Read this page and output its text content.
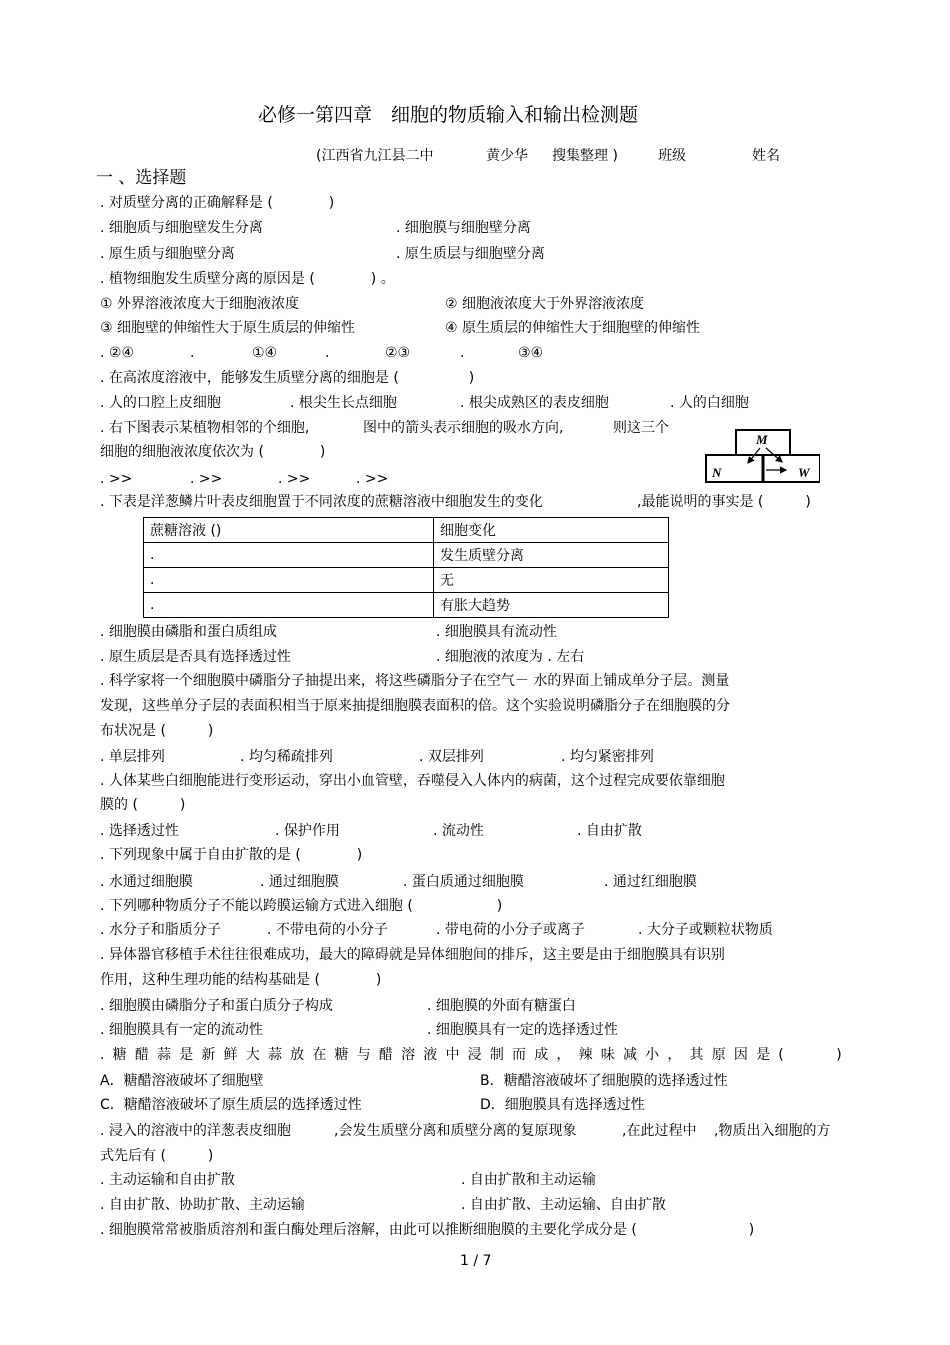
必修一第四章　细胞的物质输入和输出检测题
(江西省九江县二中	黄少华 搜集整理 )	班级	姓名
一 、选择题
. 对质壁分离的正确解释是 (　　　　)
. 细胞质与细胞壁发生分离	. 细胞膜与细胞壁分离
. 原生质与细胞壁分离	. 原生质层与细胞壁分离
. 植物细胞发生质壁分离的原因是 (　　　　) 。
① 外界溶液浓度大于细胞液浓度	② 细胞液浓度大于外界溶液浓度
③ 细胞壁的伸缩性大于原生质层的伸缩性	④ 原生质层的伸缩性大于细胞壁的伸缩性
. ②④	.	①④	.	②③	.	③④
. 在高浓度溶液中，能够发生质壁分离的细胞是 (　　　　　)
. 人的口腔上皮细胞	. 根尖生长点细胞	. 根尖成熟区的表皮细胞	. 人的白细胞
. 右下图表示某植物相邻的个细胞,	图中的箭头表示细胞的吸水方向,	则这三个
细胞的细胞液浓度依次为 (　　　　)
. >>	. >>	. >>	. >>
M
N	W
. 下表是洋葱鳞片叶表皮细胞置于不同浓度的蔗糖溶液中细胞发生的变化	,最能说明的事实是 (　　　)
蔗糖溶液 ()	细胞变化
.	发生质壁分离
.	无
.	有胀大趋势
. 细胞膜由磷脂和蛋白质组成	. 细胞膜具有流动性
. 原生质层是否具有选择透过性	. 细胞液的浓度为 . 左右
. 科学家将一个细胞膜中磷脂分子抽提出来，将这些磷脂分子在空气－ 水的界面上铺成单分子层。测量
发现，这些单分子层的表面积相当于原来抽提细胞膜表面积的倍。这个实验说明磷脂分子在细胞膜的分
布状况是 (　　　)
. 单层排列	. 均匀稀疏排列	. 双层排列	. 均匀紧密排列
. 人体某些白细胞能进行变形运动，穿出小血管壁，吞噬侵入人体内的病菌，这个过程完成要依靠细胞
膜的 (　　　)
. 选择透过性	. 保护作用	. 流动性	. 自由扩散
. 下列现象中属于自由扩散的是 (　　　　)
. 水通过细胞膜	. 通过细胞膜	. 蛋白质通过细胞膜	. 通过红细胞膜
. 下列哪种物质分子不能以跨膜运输方式进入细胞 (　　　　　　)
. 水分子和脂质分子	. 不带电荷的小分子	. 带电荷的小分子或离子	. 大分子或颗粒状物质
. 异体器官移植手术往往很难成功，最大的障碍就是异体细胞间的排斥，这主要是由于细胞膜具有识别
作用，这种生理功能的结构基础是 (　　　　)
. 细胞膜由磷脂分子和蛋白质分子构成	. 细胞膜的外面有糖蛋白
. 细胞膜具有一定的流动性	. 细胞膜具有一定的选择透过性
. 糖 醋 蒜 是 新 鲜 大 蒜 放 在 糖 与 醋 溶 液 中 浸 制 而 成 ， 辣 味 减 小 ， 其 原 因 是 (

　	)
A．糖醋溶液破坏了细胞壁	B．糖醋溶液破坏了细胞膜的选择透过性
C．糖醋溶液破坏了原生质层的选择透过性	D．细胞膜具有选择透过性
. 浸入的溶液中的洋葱表皮细胞	,会发生质壁分离和质壁分离的复原现象	,在此过程中 ,物质出入细胞的方
式先后有 (　　　)
. 主动运输和自由扩散	. 自由扩散和主动运输
. 自由扩散、协助扩散、主动运输	. 自由扩散、主动运输、自由扩散
. 细胞膜常常被脂质溶剂和蛋白酶处理后溶解，由此可以推断细胞膜的主要化学成分是 (　　　　　　　　)
1 / 7
